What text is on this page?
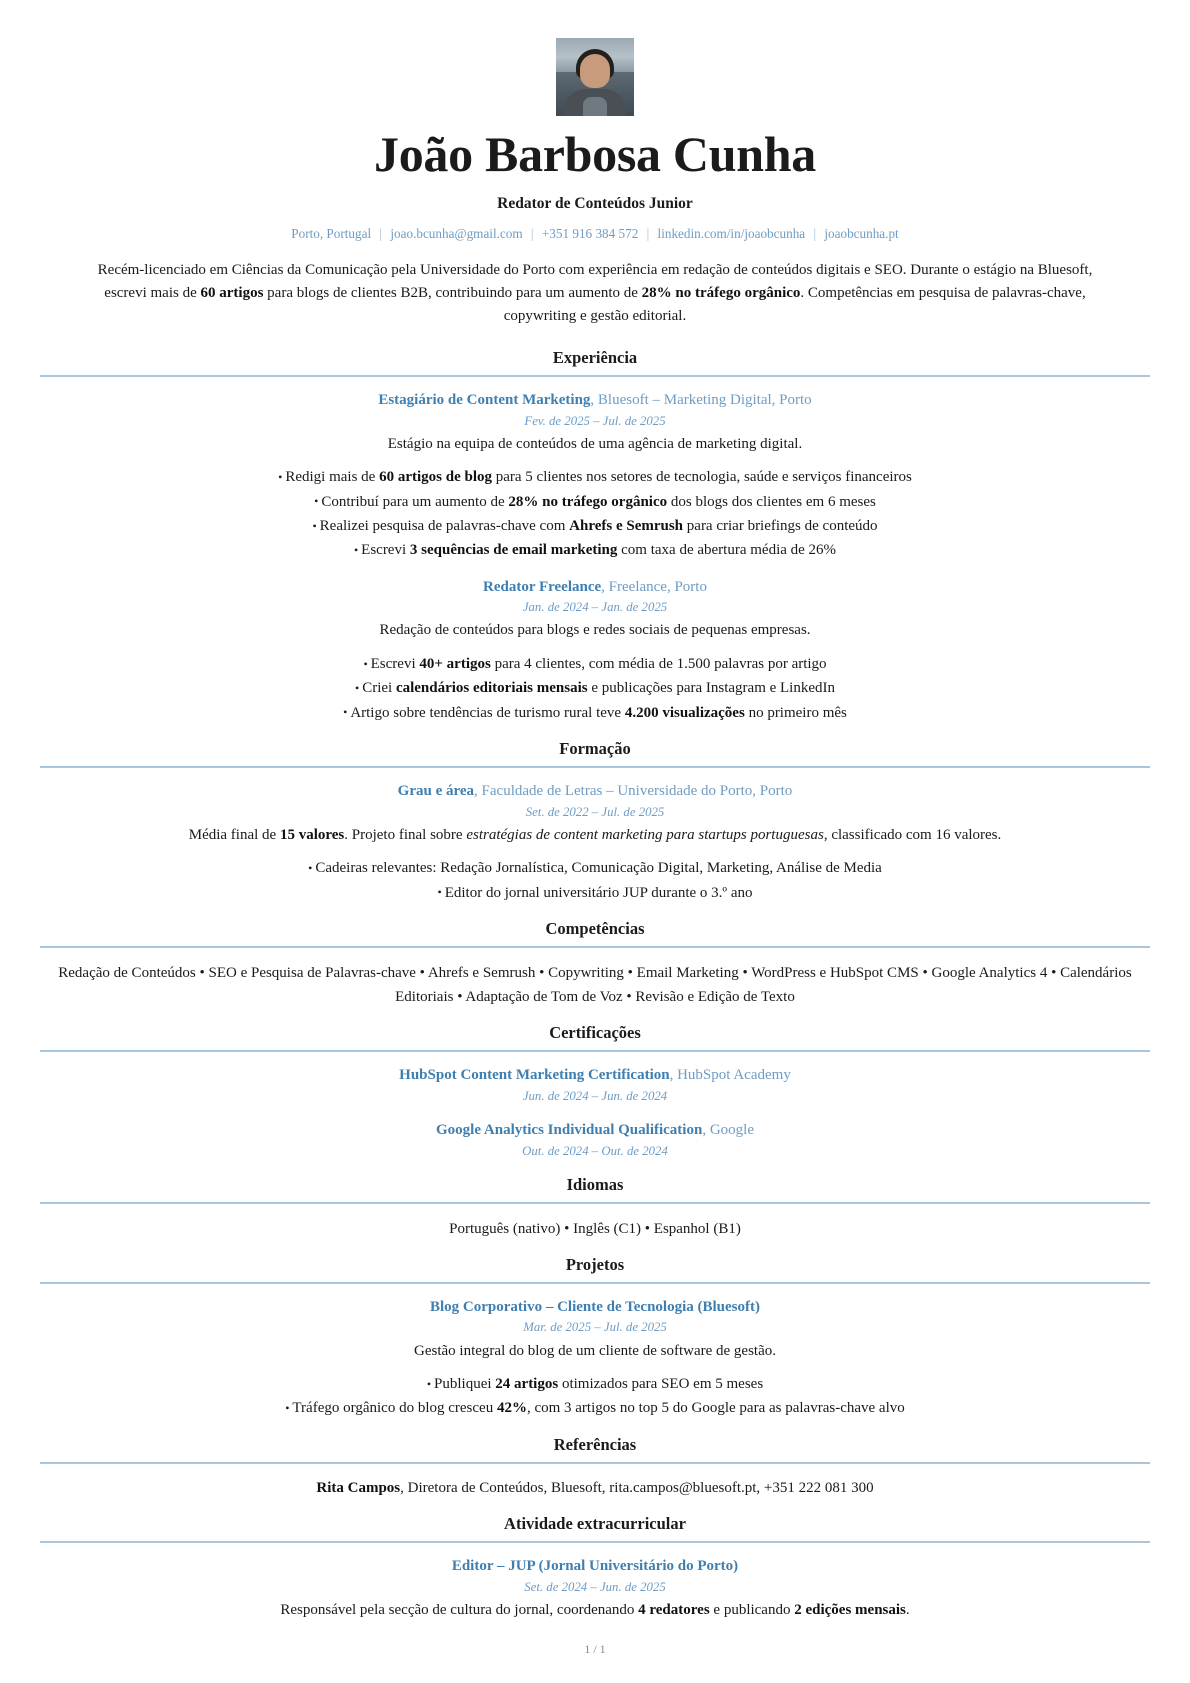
João Barbosa Cunha
Redator de Conteúdos Junior
Porto, Portugal | joao.bcunha@gmail.com | +351 916 384 572 | linkedin.com/in/joaobcunha | joaobcunha.pt

Recém-licenciado em Ciências da Comunicação pela Universidade do Porto com experiência em redação de conteúdos digitais e SEO. Durante o estágio na Bluesoft, escrevi mais de 60 artigos para blogs de clientes B2B, contribuindo para um aumento de 28% no tráfego orgânico. Competências em pesquisa de palavras-chave, copywriting e gestão editorial.

Experiência
Estagiário de Content Marketing, Bluesoft – Marketing Digital, Porto
Fev. de 2025 – Jul. de 2025
Estágio na equipa de conteúdos de uma agência de marketing digital.
• Redigi mais de 60 artigos de blog para 5 clientes nos setores de tecnologia, saúde e serviços financeiros
• Contribuí para um aumento de 28% no tráfego orgânico dos blogs dos clientes em 6 meses
• Realizei pesquisa de palavras-chave com Ahrefs e Semrush para criar briefings de conteúdo
• Escrevi 3 sequências de email marketing com taxa de abertura média de 26%
Redator Freelance, Freelance, Porto
Jan. de 2024 – Jan. de 2025
Redação de conteúdos para blogs e redes sociais de pequenas empresas.
• Escrevi 40+ artigos para 4 clientes, com média de 1.500 palavras por artigo
• Criei calendários editoriais mensais e publicações para Instagram e LinkedIn
• Artigo sobre tendências de turismo rural teve 4.200 visualizações no primeiro mês
Formação
Grau e área, Faculdade de Letras – Universidade do Porto, Porto
Set. de 2022 – Jul. de 2025
Média final de 15 valores. Projeto final sobre estratégias de content marketing para startups portuguesas, classificado com 16 valores.
• Cadeiras relevantes: Redação Jornalística, Comunicação Digital, Marketing, Análise de Media
• Editor do jornal universitário JUP durante o 3.º ano
Competências
Redação de Conteúdos • SEO e Pesquisa de Palavras-chave • Ahrefs e Semrush • Copywriting • Email Marketing • WordPress e HubSpot CMS • Google Analytics 4 • Calendários Editoriais • Adaptação de Tom de Voz • Revisão e Edição de Texto
Certificações
HubSpot Content Marketing Certification, HubSpot Academy
Jun. de 2024 – Jun. de 2024
Google Analytics Individual Qualification, Google
Out. de 2024 – Out. de 2024
Idiomas
Português (nativo) • Inglês (C1) • Espanhol (B1)
Projetos
Blog Corporativo – Cliente de Tecnologia (Bluesoft)
Mar. de 2025 – Jul. de 2025
Gestão integral do blog de um cliente de software de gestão.
• Publiquei 24 artigos otimizados para SEO em 5 meses
• Tráfego orgânico do blog cresceu 42%, com 3 artigos no top 5 do Google para as palavras-chave alvo
Referências
Rita Campos, Diretora de Conteúdos, Bluesoft, rita.campos@bluesoft.pt, +351 222 081 300
Atividade extracurricular
Editor – JUP (Jornal Universitário do Porto)
Set. de 2024 – Jun. de 2025
Responsável pela secção de cultura do jornal, coordenando 4 redatores e publicando 2 edições mensais.
1 / 1
